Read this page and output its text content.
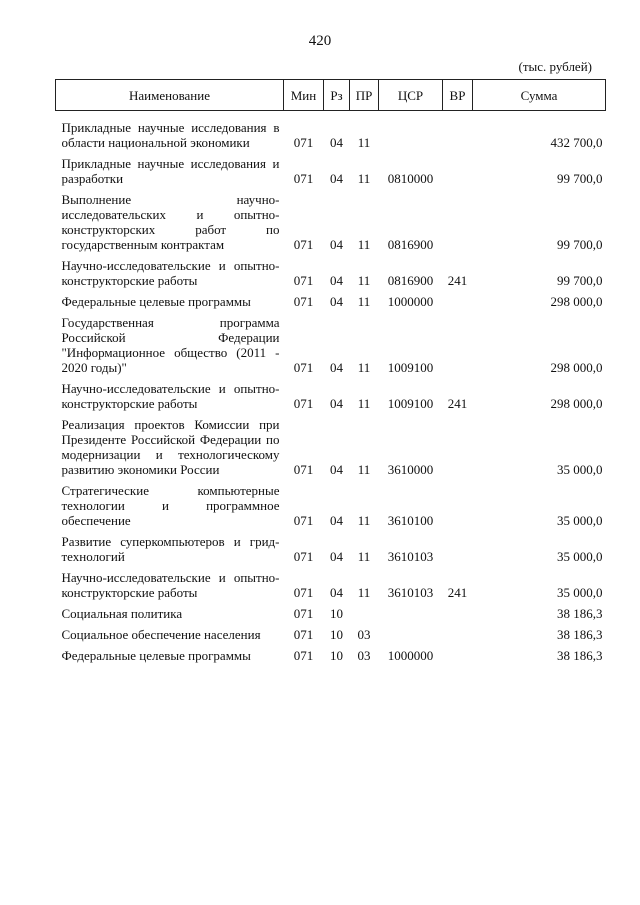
420
(тыс. рублей)
Наименование	Мин	Рз	ПР	ЦСР	ВР	Сумма
Прикладные научные исследования в области национальной экономики	071	04	11			432 700,0
Прикладные научные исследования и разработки	071	04	11	0810000		99 700,0
Выполнение научно-исследовательских и опытно-конструкторских работ по государственным контрактам	071	04	11	0816900		99 700,0
Научно-исследовательские и опытно-конструкторские работы	071	04	11	0816900	241	99 700,0
Федеральные целевые программы	071	04	11	1000000		298 000,0
Государственная программа Российской Федерации "Информационное общество (2011 - 2020 годы)"	071	04	11	1009100		298 000,0
Научно-исследовательские и опытно-конструкторские работы	071	04	11	1009100	241	298 000,0
Реализация проектов Комиссии при Президенте Российской Федерации по модернизации и технологическому развитию экономики России	071	04	11	3610000		35 000,0
Стратегические компьютерные технологии и программное обеспечение	071	04	11	3610100		35 000,0
Развитие суперкомпьютеров и грид-технологий	071	04	11	3610103		35 000,0
Научно-исследовательские и опытно-конструкторские работы	071	04	11	3610103	241	35 000,0
Социальная политика	071	10				38 186,3
Социальное обеспечение населения	071	10	03			38 186,3
Федеральные целевые программы	071	10	03	1000000		38 186,3
